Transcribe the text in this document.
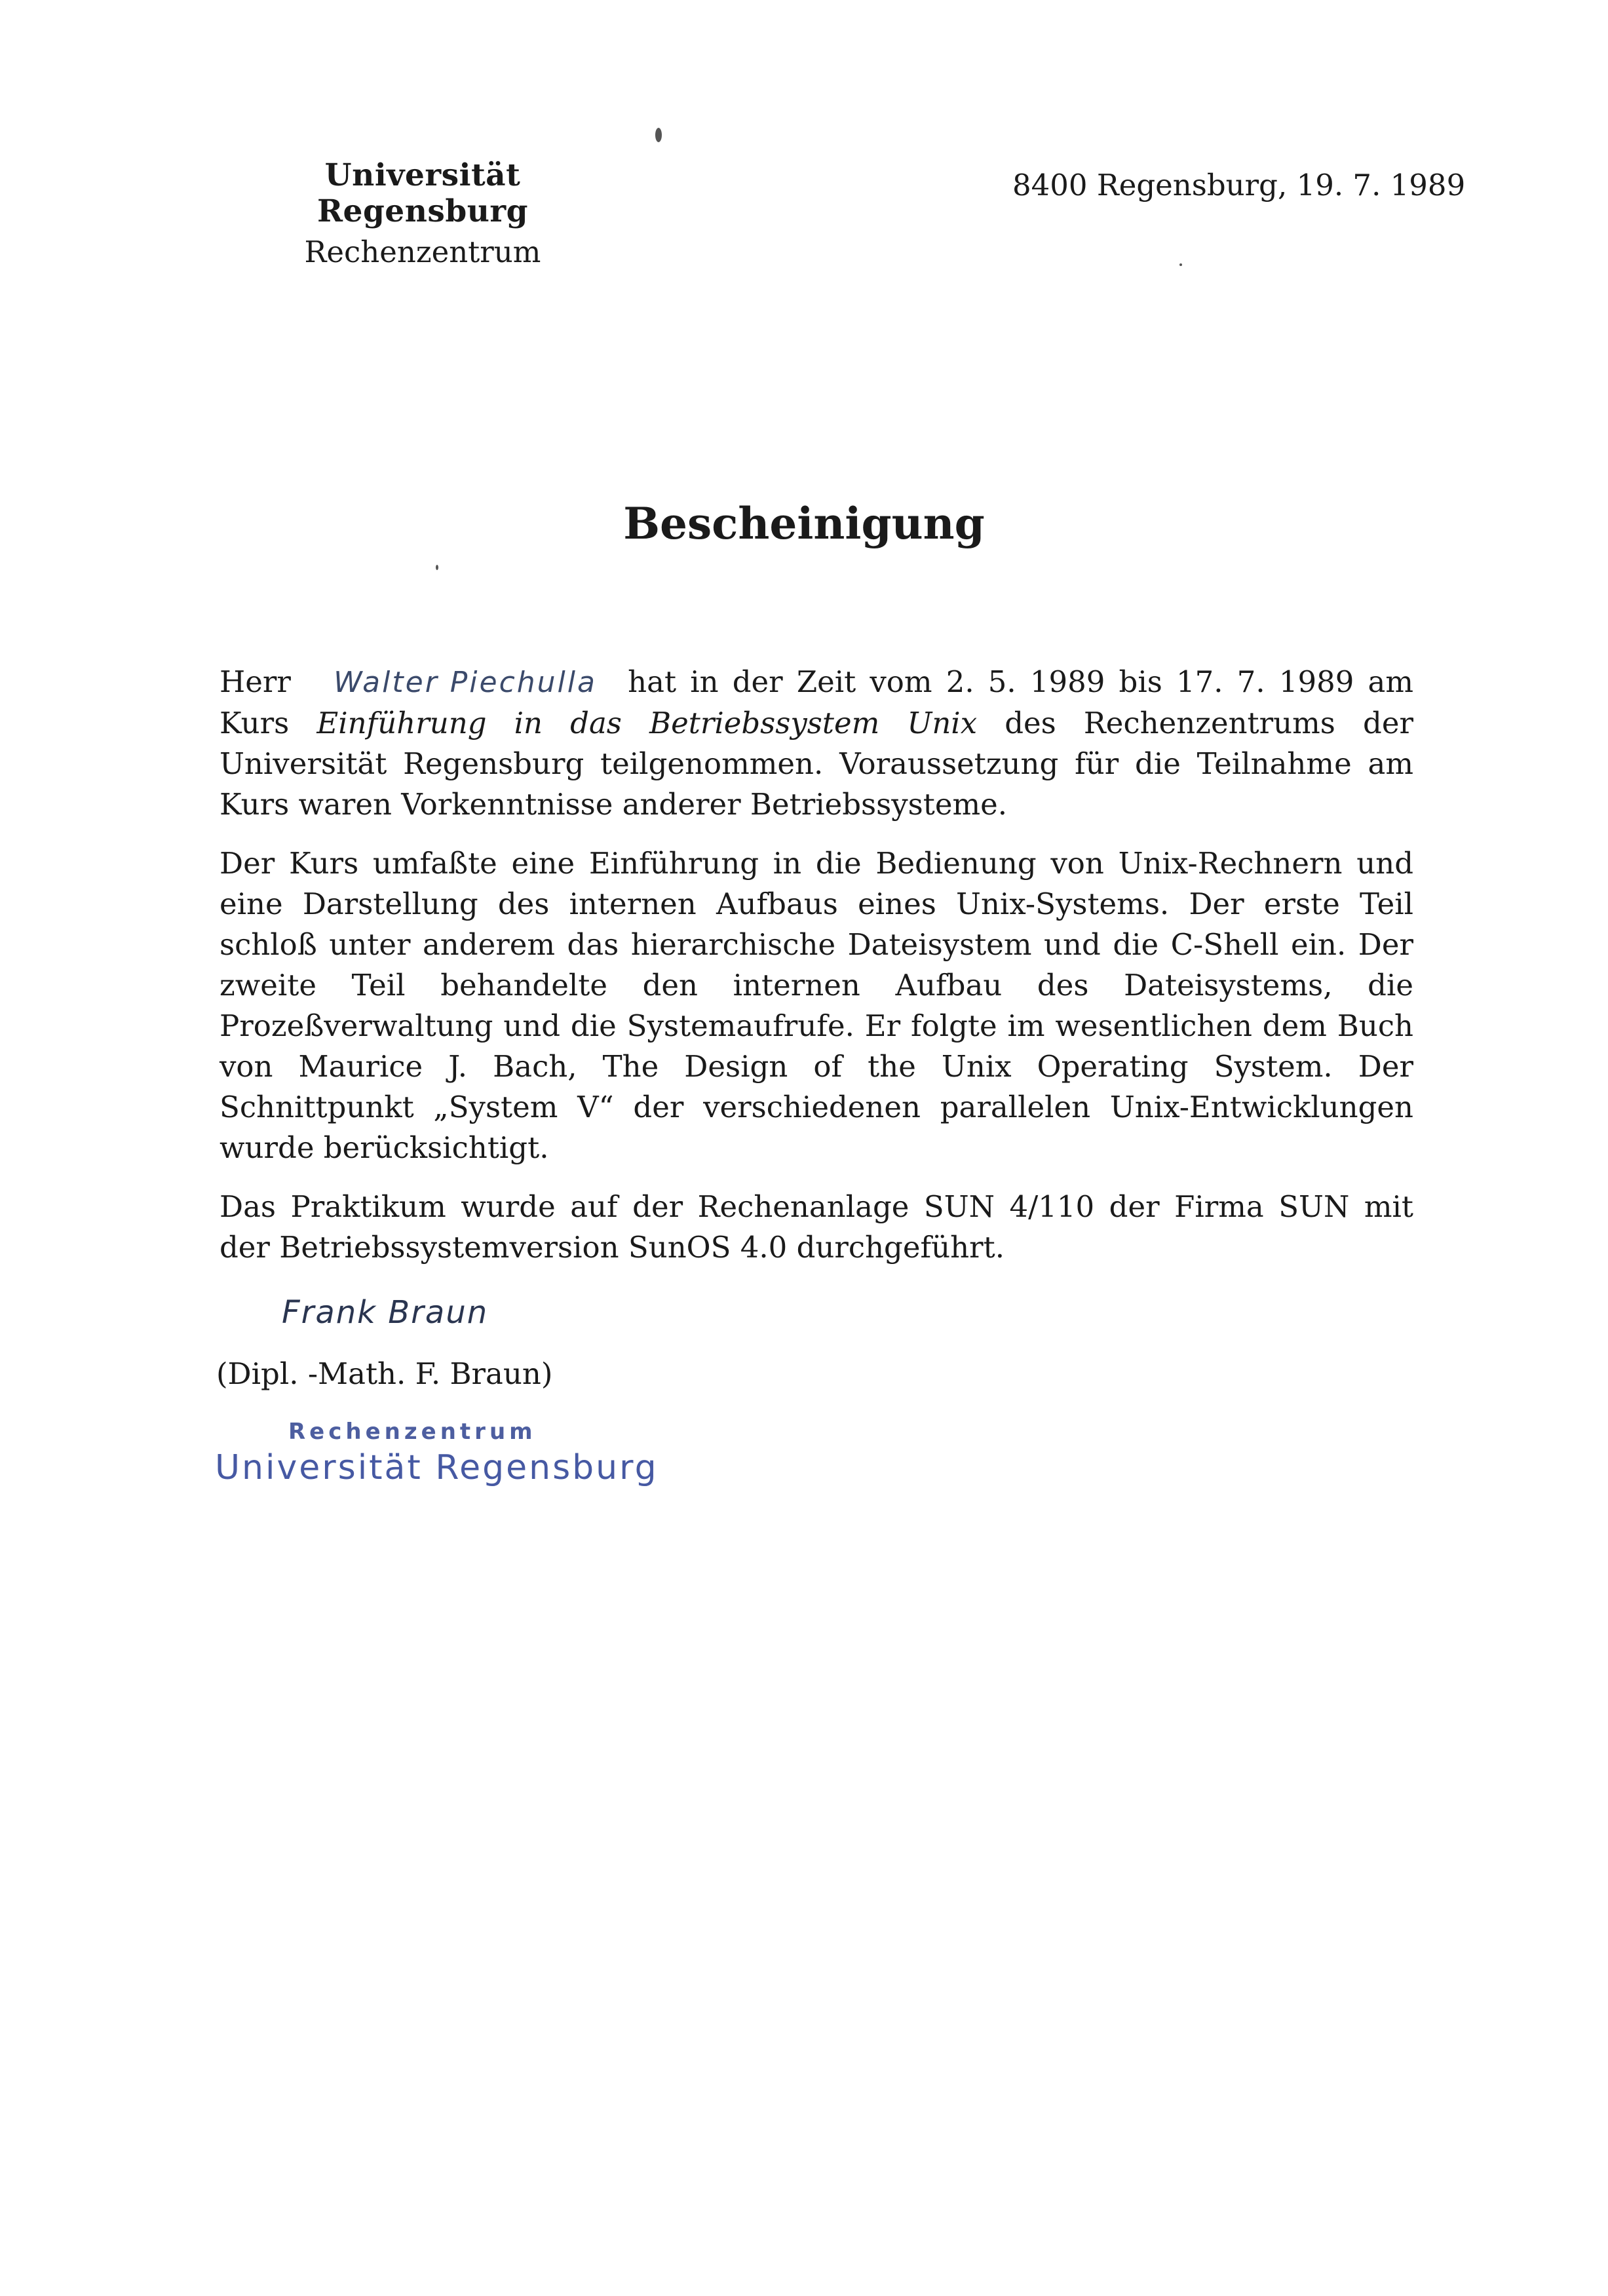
Universität Regensburg
Rechenzentrum
8400 Regensburg, 19. 7. 1989
Bescheinigung

Herr Walter Piechulla hat in der Zeit vom 2. 5. 1989 bis 17. 7. 1989 am Kurs Einführung in das Betriebssystem Unix des Rechenzentrums der Universität Regensburg teilgenommen. Voraussetzung für die Teilnahme am Kurs waren Vorkenntnisse anderer Betriebssysteme.

Der Kurs umfaßte eine Einführung in die Bedienung von Unix-Rechnern und eine Darstellung des internen Aufbaus eines Unix-Systems. Der erste Teil schloß unter anderem das hierarchische Dateisystem und die C-Shell ein. Der zweite Teil behandelte den internen Aufbau des Dateisystems, die Prozeßverwaltung und die Systemaufrufe. Er folgte im wesentlichen dem Buch von Maurice J. Bach, The Design of the Unix Operating System. Der Schnittpunkt „System V“ der verschiedenen parallelen Unix-Entwicklungen wurde berücksichtigt.

Das Praktikum wurde auf der Rechenanlage SUN 4/110 der Firma SUN mit der Betriebssystemversion SunOS 4.0 durchgeführt.

Frank Braun
(Dipl. -Math. F. Braun)
Rechenzentrum
Universität Regensburg
